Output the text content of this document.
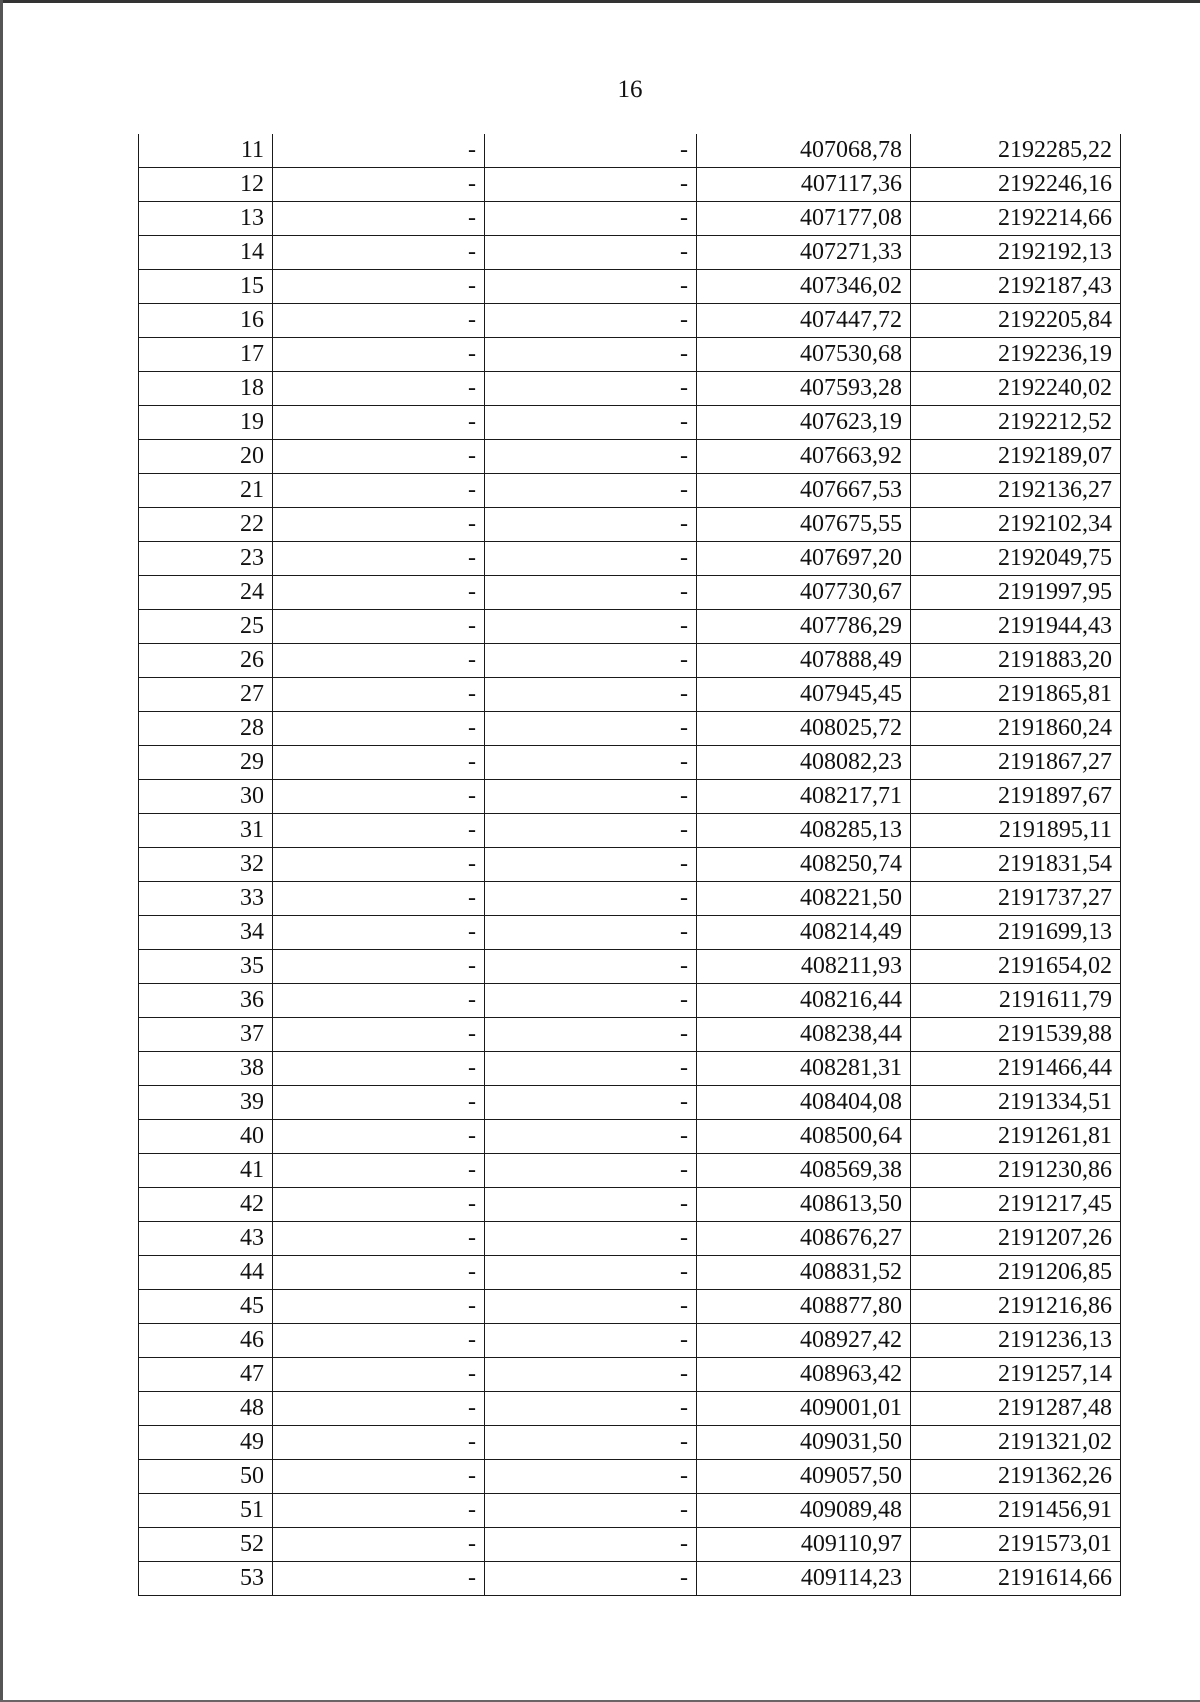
16
11	-	-	407068,78	2192285,22
12	-	-	407117,36	2192246,16
13	-	-	407177,08	2192214,66
14	-	-	407271,33	2192192,13
15	-	-	407346,02	2192187,43
16	-	-	407447,72	2192205,84
17	-	-	407530,68	2192236,19
18	-	-	407593,28	2192240,02
19	-	-	407623,19	2192212,52
20	-	-	407663,92	2192189,07
21	-	-	407667,53	2192136,27
22	-	-	407675,55	2192102,34
23	-	-	407697,20	2192049,75
24	-	-	407730,67	2191997,95
25	-	-	407786,29	2191944,43
26	-	-	407888,49	2191883,20
27	-	-	407945,45	2191865,81
28	-	-	408025,72	2191860,24
29	-	-	408082,23	2191867,27
30	-	-	408217,71	2191897,67
31	-	-	408285,13	2191895,11
32	-	-	408250,74	2191831,54
33	-	-	408221,50	2191737,27
34	-	-	408214,49	2191699,13
35	-	-	408211,93	2191654,02
36	-	-	408216,44	2191611,79
37	-	-	408238,44	2191539,88
38	-	-	408281,31	2191466,44
39	-	-	408404,08	2191334,51
40	-	-	408500,64	2191261,81
41	-	-	408569,38	2191230,86
42	-	-	408613,50	2191217,45
43	-	-	408676,27	2191207,26
44	-	-	408831,52	2191206,85
45	-	-	408877,80	2191216,86
46	-	-	408927,42	2191236,13
47	-	-	408963,42	2191257,14
48	-	-	409001,01	2191287,48
49	-	-	409031,50	2191321,02
50	-	-	409057,50	2191362,26
51	-	-	409089,48	2191456,91
52	-	-	409110,97	2191573,01
53	-	-	409114,23	2191614,66
